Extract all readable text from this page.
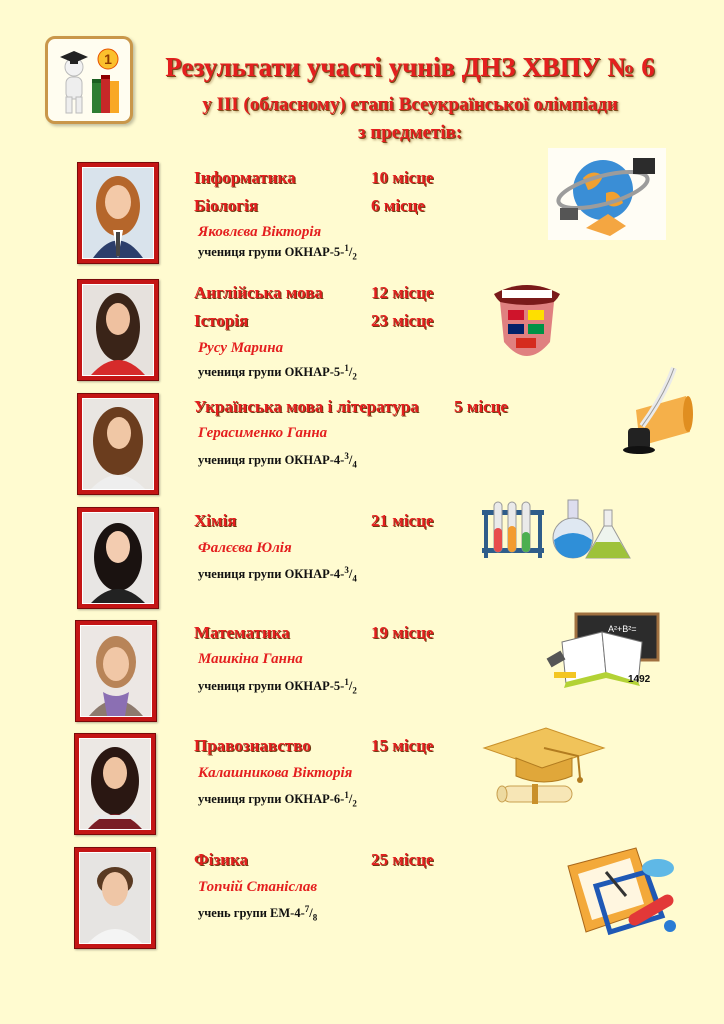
1	Результати участі учнів ДНЗ ХВПУ № 6
у ІІІ (обласному) етапі Всеукраїнської олімпіади
з предметів:
Інформатика	10 місце
Біологія	6 місце
Яковлєва Вікторія
учениця групи ОКНАР-$5-^1/_2$
Англійська мова	12 місце
Історія	23 місце
Русу Марина
учениця групи ОКНАР-$5-^1/_2$
Українська мова і література 5 місце
Герасименко Ганна
учениця групи ОКНАР-$4-^3/_4$
Хімія	21 місце
Фалєєва Юлія
учениця групи ОКНАР-$4-^3/_4$
Математика	19 місце
Машкіна Ганна
учениця групи ОКНАР-$5-^1/_2$
A²+B²=
1492
Правознавство	15 місце
Калашникова Вікторія
учениця групи ОКНАР-$6-^1/_2$
Фізика	25 місце
Топчій Станіслав
учень групи $ЕМ-4-^7/_8$
